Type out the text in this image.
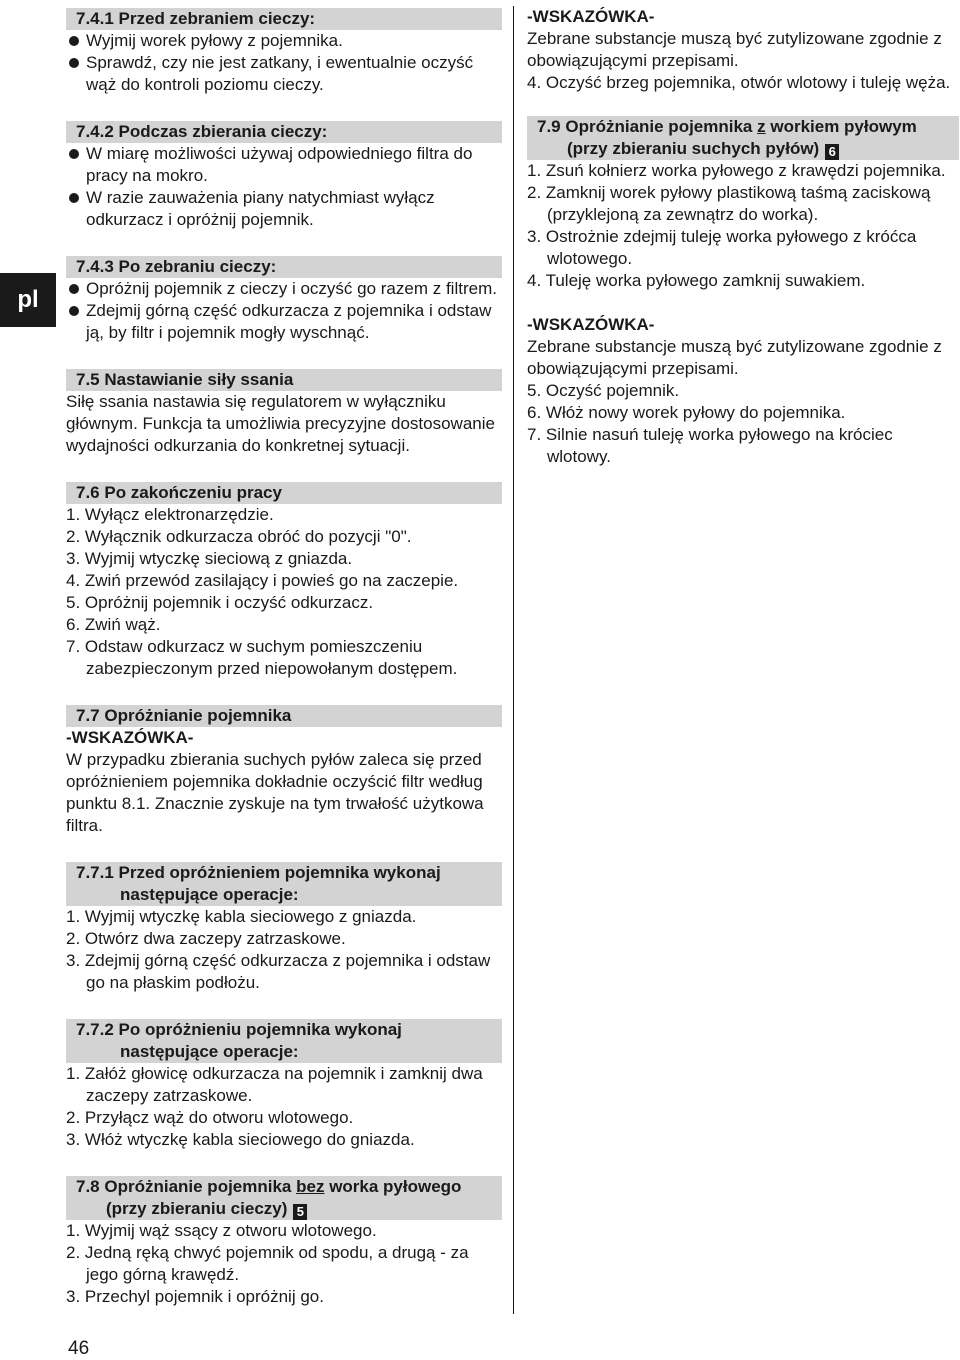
pl
7.4.1 Przed zebraniem cieczy:
Wyjmij worek pyłowy z pojemnika.
Sprawdź, czy nie jest zatkany, i ewentualnie oczyść wąż do kontroli poziomu cieczy.
7.4.2 Podczas zbierania cieczy:
W miarę możliwości używaj odpowiedniego filtra do pracy na mokro.
W razie zauważenia piany natychmiast wyłącz odkurzacz i opróżnij pojemnik.
7.4.3 Po zebraniu cieczy:
Opróżnij pojemnik z cieczy i oczyść go razem z filtrem.
Zdejmij górną część odkurzacza z pojemnika i odstaw ją, by filtr i pojemnik mogły wyschnąć.
7.5 Nastawianie siły ssania

Siłę ssania nastawia się regulatorem w wyłączniku głównym. Funkcja ta umożliwia precyzyjne dostosowanie wydajności odkurzania do konkretnej sytuacji.

7.6 Po zakończeniu pracy
1. Wyłącz elektronarzędzie.
2. Wyłącznik odkurzacza obróć do pozycji "0".
3. Wyjmij wtyczkę sieciową z gniazda.
4. Zwiń przewód zasilający i powieś go na zaczepie.
5. Opróżnij pojemnik i oczyść odkurzacz.
6. Zwiń wąż.
7. Odstaw odkurzacz w suchym pomieszczeniu zabezpieczonym przed niepowołanym dostępem.
7.7 Opróżnianie pojemnika
-WSKAZÓWKA-

W przypadku zbierania suchych pyłów zaleca się przed opróżnieniem pojemnika dokładnie oczyścić filtr według punktu 8.1. Znacznie zyskuje na tym trwałość użytkowa filtra.

7.7.1 Przed opróżnieniem pojemnika wykonaj
następujące operacje:
1. Wyjmij wtyczkę kabla sieciowego z gniazda.
2. Otwórz dwa zaczepy zatrzaskowe.
3. Zdejmij górną część odkurzacza z pojemnika i odstaw go na płaskim podłożu.
7.7.2 Po opróżnieniu pojemnika wykonaj
następujące operacje:
1. Załóż głowicę odkurzacza na pojemnik i zamknij dwa zaczepy zatrzaskowe.
2. Przyłącz wąż do otworu wlotowego.
3. Włóż wtyczkę kabla sieciowego do gniazda.
7.8 Opróżnianie pojemnika bez worka pyłowego
(przy zbieraniu cieczy) 5
1. Wyjmij wąż ssący z otworu wlotowego.
2. Jedną ręką chwyć pojemnik od spodu, a drugą - za jego górną krawędź.
3. Przechyl pojemnik i opróżnij go.
-WSKAZÓWKA-

Zebrane substancje muszą być zutylizowane zgodnie z obowiązującymi przepisami.

4. Oczyść brzeg pojemnika, otwór wlotowy i tuleję węża.
7.9 Opróżnianie pojemnika z workiem pyłowym
(przy zbieraniu suchych pyłów) 6
1. Zsuń kołnierz worka pyłowego z krawędzi pojemnika.
2. Zamknij worek pyłowy plastikową taśmą zaciskową (przyklejoną za zewnątrz do worka).
3. Ostrożnie zdejmij tuleję worka pyłowego z króćca wlotowego.
4. Tuleję worka pyłowego zamknij suwakiem.
-WSKAZÓWKA-

Zebrane substancje muszą być zutylizowane zgodnie z obowiązującymi przepisami.

5. Oczyść pojemnik.
6. Włóż nowy worek pyłowy do pojemnika.
7. Silnie nasuń tuleję worka pyłowego na króciec wlotowy.
46
